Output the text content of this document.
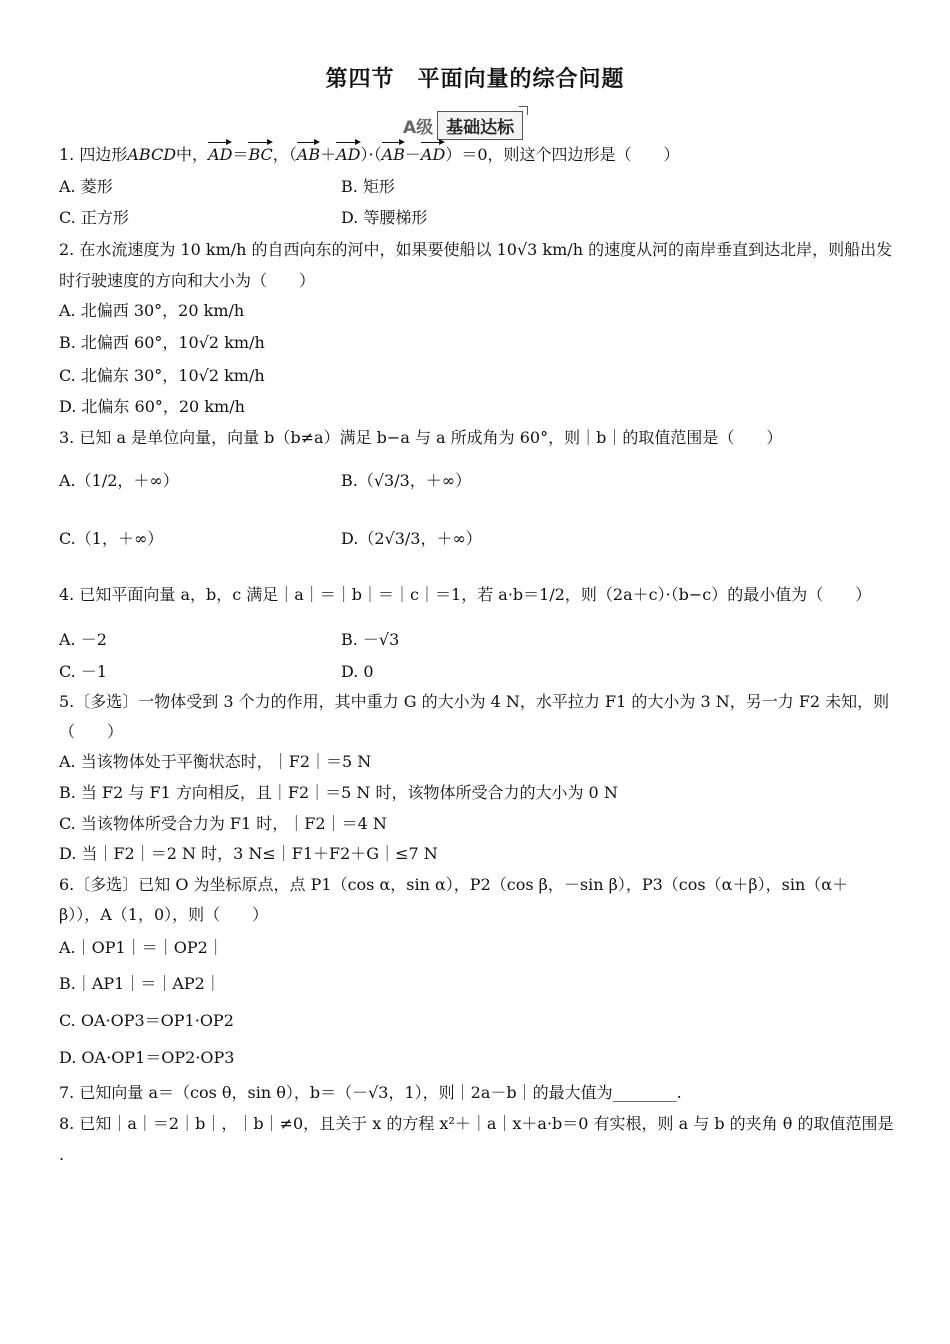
第四节　平面向量的综合问题
A级 基础达标
1. 四边形ABCD中，AD＝BC，（AB＋AD）·（AB－AD）＝0，则这个四边形是（　　）
A. 菱形	B. 矩形
C. 正方形	D. 等腰梯形
2. 在水流速度为 10 km/h 的自西向东的河中，如果要使船以 10√3 km/h 的速度从河的南岸垂直到达北岸，则船出发
时行驶速度的方向和大小为（　　）
A. 北偏西 30°，20 km/h
B. 北偏西 60°，10√2 km/h
C. 北偏东 30°，10√2 km/h
D. 北偏东 60°，20 km/h
3. 已知 a 是单位向量，向量 b（b≠a）满足 b−a 与 a 所成角为 60°，则｜b｜的取值范围是（　　）
A.（1/2，＋∞）	B.（√3/3，＋∞）
C.（1，＋∞）	D.（2√3/3，＋∞）
4. 已知平面向量 a，b，c 满足｜a｜＝｜b｜＝｜c｜＝1，若 a·b＝1/2，则（2a＋c）·（b−c）的最小值为（　　）
A. －2	B. －√3
C. －1	D. 0
5.〔多选〕一物体受到 3 个力的作用，其中重力 G 的大小为 4 N，水平拉力 F1 的大小为 3 N，另一力 F2 未知，则
（　　）
A. 当该物体处于平衡状态时，｜F2｜＝5 N
B. 当 F2 与 F1 方向相反，且｜F2｜＝5 N 时，该物体所受合力的大小为 0 N
C. 当该物体所受合力为 F1 时，｜F2｜＝4 N
D. 当｜F2｜＝2 N 时，3 N≤｜F1＋F2＋G｜≤7 N
6.〔多选〕已知 O 为坐标原点，点 P1（cos α，sin α），P2（cos β，－sin β），P3（cos（α＋β），sin（α＋
β）），A（1，0），则（　　）
A.｜OP1｜＝｜OP2｜
B.｜AP1｜＝｜AP2｜
C. OA·OP3＝OP1·OP2
D. OA·OP1＝OP2·OP3
7. 已知向量 a＝（cos θ，sin θ），b＝（－√3，1），则｜2a－b｜的最大值为________.
8. 已知｜a｜＝2｜b｜，｜b｜≠0，且关于 x 的方程 x²＋｜a｜x＋a·b＝0 有实根，则 a 与 b 的夹角 θ 的取值范围是
.
